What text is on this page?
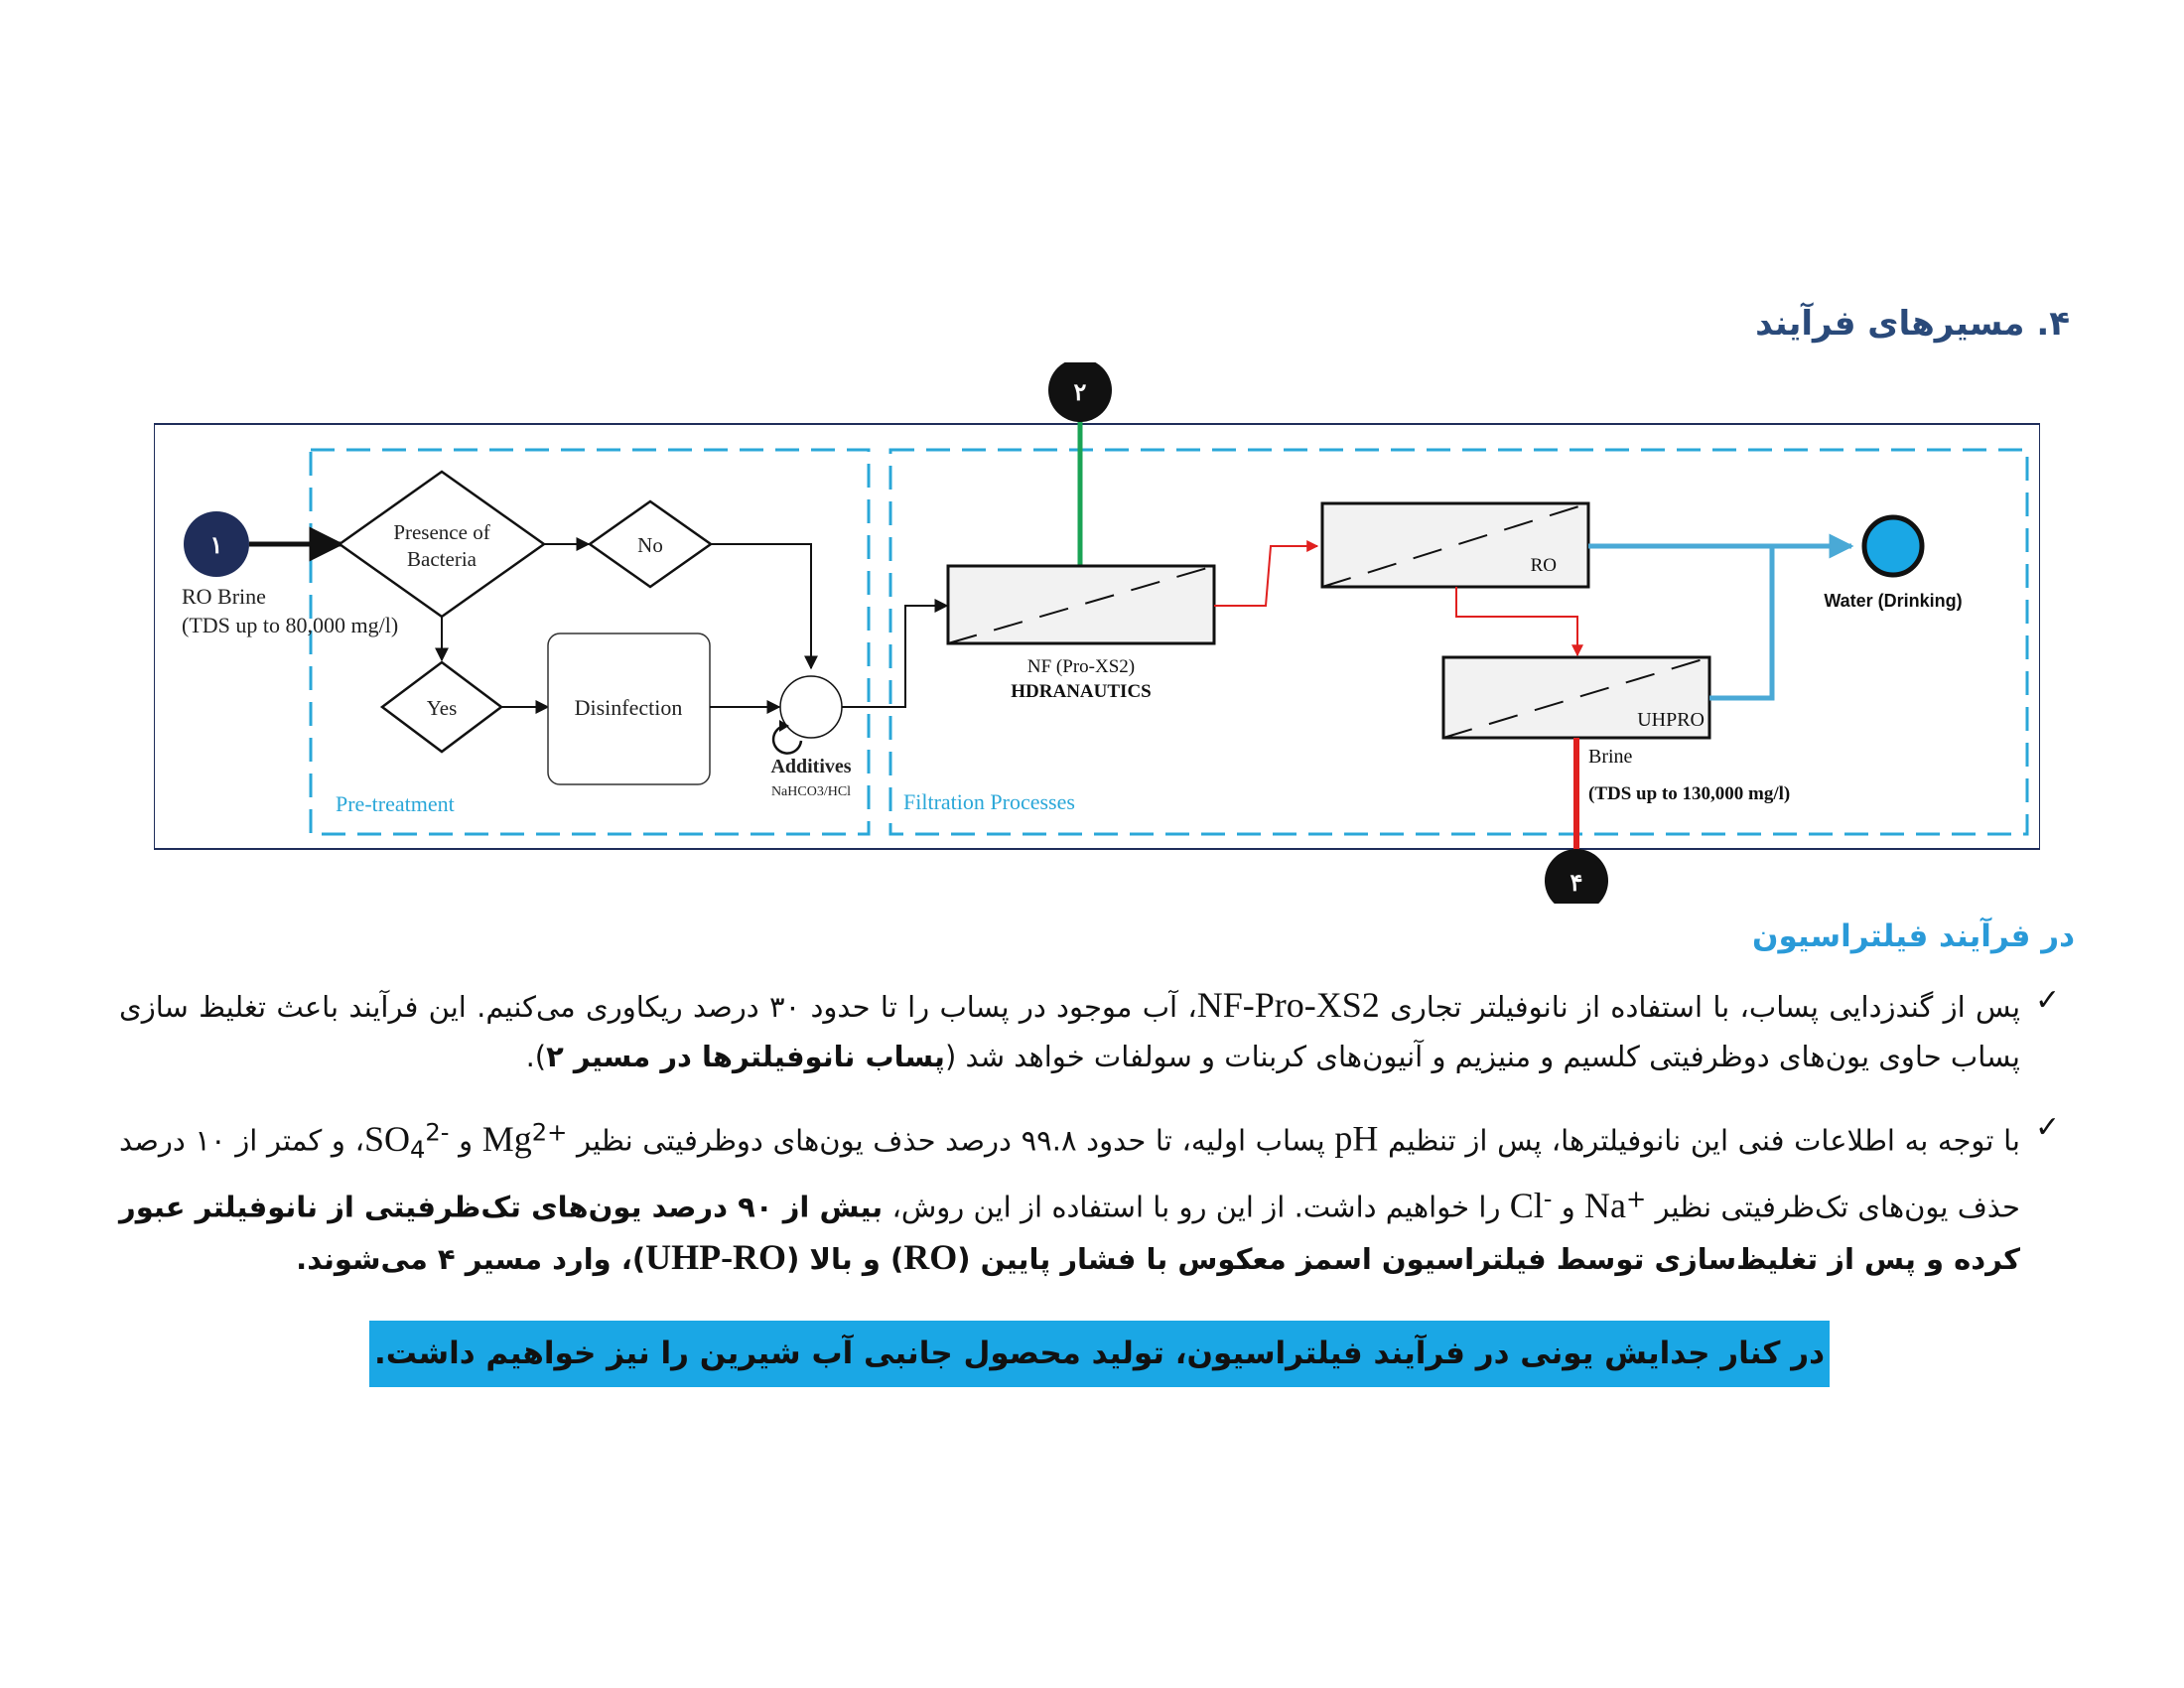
۴. مسیرهای فرآیند
۲
۱
RO Brine
(TDS up to 80,000 mg/l)
Presence of
Bacteria
No
Yes	Disinfection
Additives
NaHCO3/HCl
Pre-treatment	Filtration Processes
NF (Pro-XS2)
HDRANAUTICS
RO
UHPRO
Water (Drinking)
Brine
(TDS up to 130,000 mg/l)
۴
در فرآیند فیلتراسیون
✓
پس از گندزدایی پساب، با استفاده از نانوفیلتر تجاری NF-Pro-XS2، آب موجود در پساب را تا حدود ۳۰ درصد ریکاوری می‌کنیم. این فرآیند باعث تغلیظ سازی پساب حاوی یون‌های دوظرفیتی کلسیم و منیزیم و آنیون‌های کربنات و سولفات خواهد شد (پساب نانوفیلترها در مسیر ۲).
✓
با توجه به اطلاعات فنی این نانوفیلترها، پس از تنظیم pH پساب اولیه، تا حدود ۹۹.۸ درصد حذف یون‌های دوظرفیتی نظیر $Mg^{2+}$ و $SO_4^{2-}،$ و کمتر از ۱۰ درصد حذف یون‌های تک‌ظرفیتی نظیر Na+ و Cl- را خواهیم داشت. از این رو با استفاده از این روش، بیش از ۹۰ درصد یون‌های تک‌ظرفیتی از نانوفیلتر عبور کرده و پس از تغلیظ‌سازی توسط فیلتراسیون اسمز معکوس با فشار پایین (RO) و بالا (UHP-RO)، وارد مسیر ۴ می‌شوند.
در کنار جدایش یونی در فرآیند فیلتراسیون، تولید محصول جانبی آب شیرین را نیز خواهیم داشت.
